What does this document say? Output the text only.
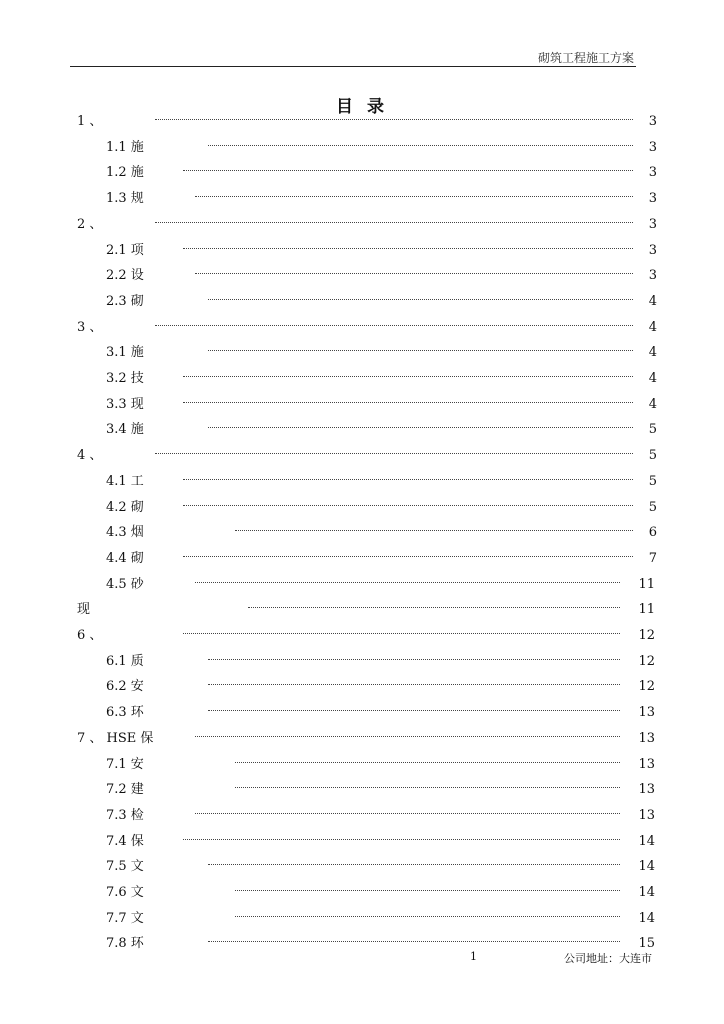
砌筑工程施工方案
目 录
1 、	3
1.1 施	3
1.2 施	3
1.3 规	3
2 、	3
2.1 项	3
2.2 设	3
2.3 砌	4
3 、	4
3.1 施	4
3.2 技	4
3.3 现	4
3.4 施	5
4 、	5
4.1 工	5
4.2 砌	5
4.3 烟	6
4.4 砌	7
4.5 砂	11
现	11
6 、	12
6.1 质	12
6.2 安	12
6.3 环	13
7 、 HSE 保	13
7.1 安	13
7.2 建	13
7.3 检	13
7.4 保	14
7.5 文	14
7.6 文	14
7.7 文	14
7.8 环	15
1	公司地址：大连市
